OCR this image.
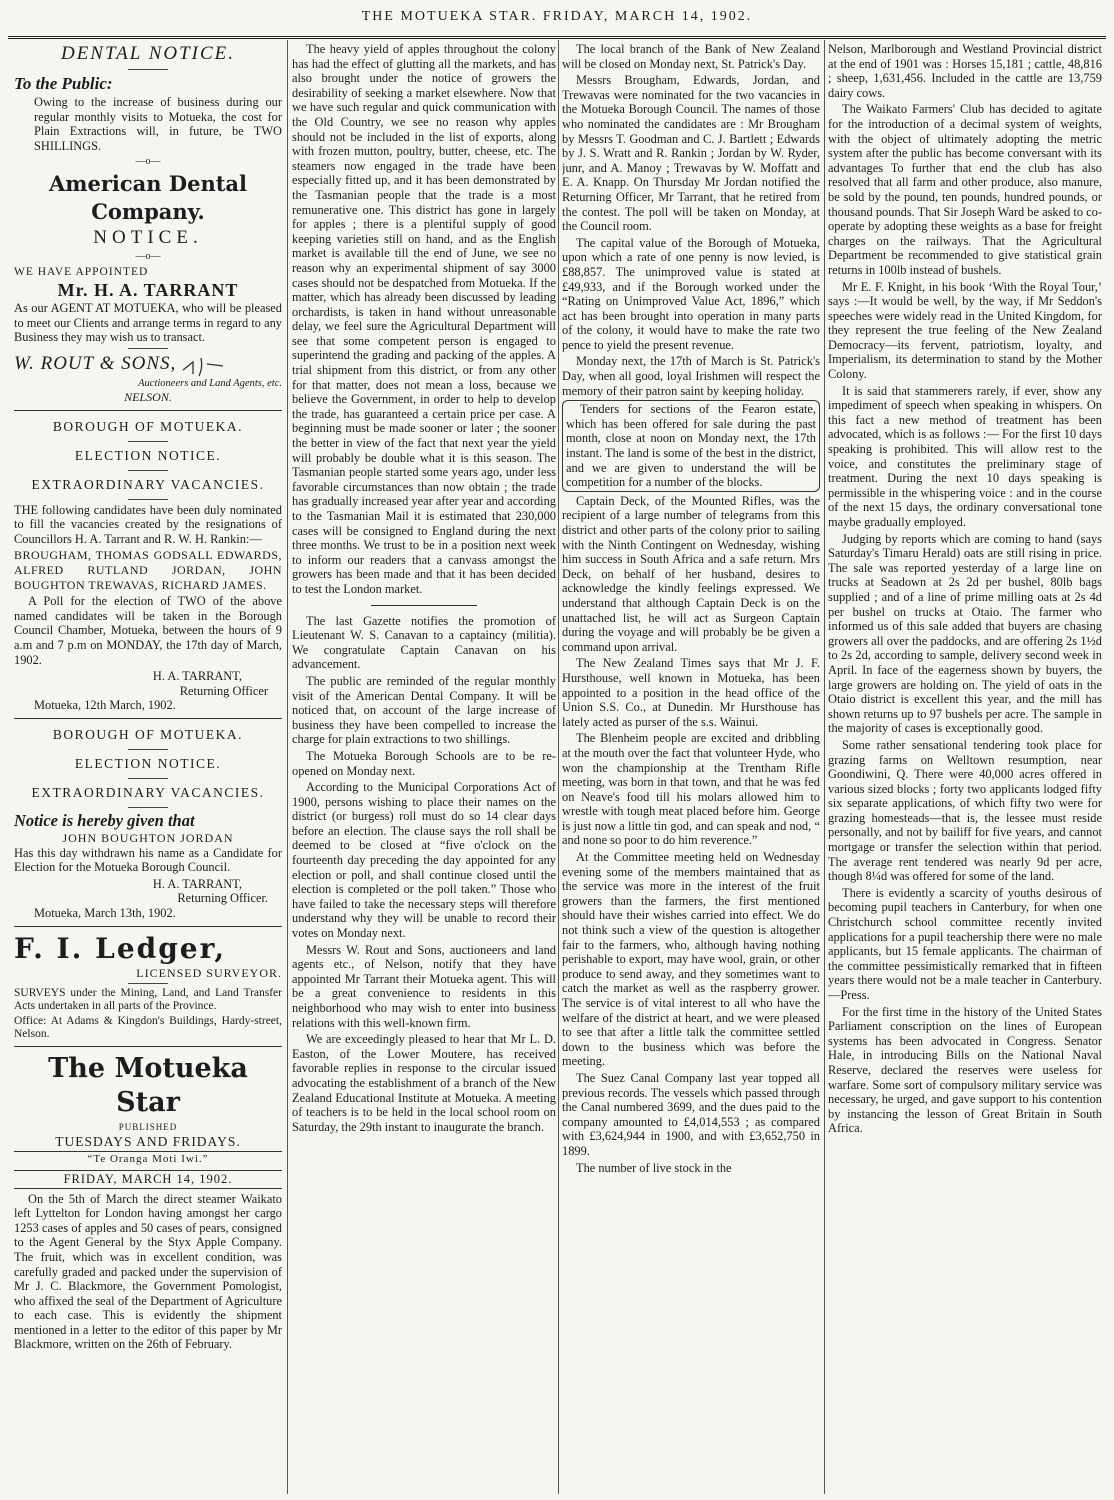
THE MOTUEKA STAR. FRIDAY, MARCH 14, 1902.
DENTAL NOTICE.
To the Public:

Owing to the increase of business during our regular monthly visits to Motueka, the cost for Plain Extractions will, in future, be TWO SHILLINGS.

—o—
American Dental Company.
NOTICE.
—o—
WE HAVE APPOINTED
Mr. H. A. TARRANT

As our AGENT AT MOTUEKA, who will be pleased to meet our Clients and arrange terms in regard to any Business they may wish us to transact.

W. ROUT & SONS,
Auctioneers and Land Agents, etc.
NELSON.
BOROUGH OF MOTUEKA.
ELECTION NOTICE.
EXTRAORDINARY VACANCIES.

THE following candidates have been duly nominated to fill the vacancies created by the resignations of Councillors H. A. Tarrant and R. W. H. Rankin:—

BROUGHAM, THOMAS GODSALL EDWARDS, ALFRED RUTLAND JORDAN, JOHN BOUGHTON TREWAVAS, RICHARD JAMES.

A Poll for the election of TWO of the above named candidates will be taken in the Borough Council Chamber, Motueka, between the hours of 9 a.m and 7 p.m on MONDAY, the 17th day of March, 1902.

H. A. TARRANT,
Returning Officer
Motueka, 12th March, 1902.
BOROUGH OF MOTUEKA.
ELECTION NOTICE.
EXTRAORDINARY VACANCIES.
Notice is hereby given that
JOHN BOUGHTON JORDAN

Has this day withdrawn his name as a Candidate for Election for the Motueka Borough Council.

H. A. TARRANT,
Returning Officer.
Motueka, March 13th, 1902.
F. I. Ledger,
LICENSED SURVEYOR.

SURVEYS under the Mining, Land, and Land Transfer Acts undertaken in all parts of the Province.

Office: At Adams & Kingdon's Buildings, Hardy-street, Nelson.

The Motueka Star
PUBLISHED
TUESDAYS AND FRIDAYS.
“Te Oranga Moti Iwi.”
FRIDAY, MARCH 14, 1902.

On the 5th of March the direct steamer Waikato left Lyttelton for London having amongst her cargo 1253 cases of apples and 50 cases of pears, consigned to the Agent General by the Styx Apple Company. The fruit, which was in excellent condition, was carefully graded and packed under the supervision of Mr J. C. Blackmore, the Government Pomologist, who affixed the seal of the Department of Agriculture to each case. This is evidently the shipment mentioned in a letter to the editor of this paper by Mr Blackmore, written on the 26th of February.

The heavy yield of apples throughout the colony has had the effect of glutting all the markets, and has also brought under the notice of growers the desirability of seeking a market elsewhere. Now that we have such regular and quick communication with the Old Country, we see no reason why apples should not be included in the list of exports, along with frozen mutton, poultry, butter, cheese, etc. The steamers now engaged in the trade have been especially fitted up, and it has been demonstrated by the Tasmanian people that the trade is a most remunerative one. This district has gone in largely for apples ; there is a plentiful supply of good keeping varieties still on hand, and as the English market is available till the end of June, we see no reason why an experimental shipment of say 3000 cases should not be despatched from Motueka. If the matter, which has already been discussed by leading orchardists, is taken in hand without unreasonable delay, we feel sure the Agricultural Department will see that some competent person is engaged to superintend the grading and packing of the apples. A trial shipment from this district, or from any other for that matter, does not mean a loss, because we believe the Government, in order to help to develop the trade, has guaranteed a certain price per case. A beginning must be made sooner or later ; the sooner the better in view of the fact that next year the yield will probably be double what it is this season. The Tasmanian people started some years ago, under less favorable circumstances than now obtain ; the trade has gradually increased year after year and according to the Tasmanian Mail it is estimated that 230,000 cases will be consigned to England during the next three months. We trust to be in a position next week to inform our readers that a canvass amongst the growers has been made and that it has been decided to test the London market.

The last Gazette notifies the promotion of Lieutenant W. S. Canavan to a captaincy (militia). We congratulate Captain Canavan on his advancement.

The public are reminded of the regular monthly visit of the American Dental Company. It will be noticed that, on account of the large increase of business they have been compelled to increase the charge for plain extractions to two shillings.

The Motueka Borough Schools are to be re-opened on Monday next.

According to the Municipal Corporations Act of 1900, persons wishing to place their names on the district (or burgess) roll must do so 14 clear days before an election. The clause says the roll shall be deemed to be closed at “five o'clock on the fourteenth day preceding the day appointed for any election or poll, and shall continue closed until the election is completed or the poll taken.” Those who have failed to take the necessary steps will therefore understand why they will be unable to record their votes on Monday next.

Messrs W. Rout and Sons, auctioneers and land agents etc., of Nelson, notify that they have appointed Mr Tarrant their Motueka agent. This will be a great convenience to residents in this neighborhood who may wish to enter into business relations with this well-known firm.

We are exceedingly pleased to hear that Mr L. D. Easton, of the Lower Moutere, has received favorable replies in response to the circular issued advocating the establishment of a branch of the New Zealand Educational Institute at Motueka. A meeting of teachers is to be held in the local school room on Saturday, the 29th instant to inaugurate the branch.

The local branch of the Bank of New Zealand will be closed on Monday next, St. Patrick's Day.

Messrs Brougham, Edwards, Jordan, and Trewavas were nominated for the two vacancies in the Motueka Borough Council. The names of those who nominated the candidates are : Mr Brougham by Messrs T. Goodman and C. J. Bartlett ; Edwards by J. S. Wratt and R. Rankin ; Jordan by W. Ryder, junr, and A. Manoy ; Trewavas by W. Moffatt and E. A. Knapp. On Thursday Mr Jordan notified the Returning Officer, Mr Tarrant, that he retired from the contest. The poll will be taken on Monday, at the Council room.

The capital value of the Borough of Motueka, upon which a rate of one penny is now levied, is £88,857. The unimproved value is stated at £49,933, and if the Borough worked under the “Rating on Unimproved Value Act, 1896,” which act has been brought into operation in many parts of the colony, it would have to make the rate two pence to yield the present revenue.

Monday next, the 17th of March is St. Patrick's Day, when all good, loyal Irishmen will respect the memory of their patron saint by keeping holiday.

Tenders for sections of the Fearon estate, which has been offered for sale during the past month, close at noon on Monday next, the 17th instant. The land is some of the best in the district, and we are given to understand the will be competition for a number of the blocks.

Captain Deck, of the Mounted Rifles, was the recipient of a large number of telegrams from this district and other parts of the colony prior to sailing with the Ninth Contingent on Wednesday, wishing him success in South Africa and a safe return. Mrs Deck, on behalf of her husband, desires to acknowledge the kindly feelings expressed. We understand that although Captain Deck is on the unattached list, he will act as Surgeon Captain during the voyage and will probably be be given a command upon arrival.

The New Zealand Times says that Mr J. F. Hursthouse, well known in Motueka, has been appointed to a position in the head office of the Union S.S. Co., at Dunedin. Mr Hursthouse has lately acted as purser of the s.s. Wainui.

The Blenheim people are excited and dribbling at the mouth over the fact that volunteer Hyde, who won the championship at the Trentham Rifle meeting, was born in that town, and that he was fed on Neave's food till his molars allowed him to wrestle with tough meat placed before him. George is just now a little tin god, and can speak and nod, “ and none so poor to do him reverence.”

At the Committee meeting held on Wednesday evening some of the members maintained that as the service was more in the interest of the fruit growers than the farmers, the first mentioned should have their wishes carried into effect. We do not think such a view of the question is altogether fair to the farmers, who, although having nothing perishable to export, may have wool, grain, or other produce to send away, and they sometimes want to catch the market as well as the raspberry grower. The service is of vital interest to all who have the welfare of the district at heart, and we were pleased to see that after a little talk the committee settled down to the business which was before the meeting.

The Suez Canal Company last year topped all previous records. The vessels which passed through the Canal numbered 3699, and the dues paid to the company amounted to £4,014,553 ; as compared with £3,624,944 in 1900, and with £3,652,750 in 1899.

The number of live stock in the

Nelson, Marlborough and Westland Provincial district at the end of 1901 was : Horses 15,181 ; cattle, 48,816 ; sheep, 1,631,456. Included in the cattle are 13,759 dairy cows.

The Waikato Farmers' Club has decided to agitate for the introduction of a decimal system of weights, with the object of ultimately adopting the metric system after the public has become conversant with its advantages To further that end the club has also resolved that all farm and other produce, also manure, be sold by the pound, ten pounds, hundred pounds, or thousand pounds. That Sir Joseph Ward be asked to co-operate by adopting these weights as a base for freight charges on the railways. That the Agricultural Department be recommended to give statistical grain returns in 100lb instead of bushels.

Mr E. F. Knight, in his book ‘With the Royal Tour,’ says :—It would be well, by the way, if Mr Seddon's speeches were widely read in the United Kingdom, for they represent the true feeling of the New Zealand Democracy—its fervent, patriotism, loyalty, and Imperialism, its determination to stand by the Mother Colony.

It is said that stammerers rarely, if ever, show any impediment of speech when speaking in whispers. On this fact a new method of treatment has been advocated, which is as follows :— For the first 10 days speaking is prohibited. This will allow rest to the voice, and constitutes the preliminary stage of treatment. During the next 10 days speaking is permissible in the whispering voice : and in the course of the next 15 days, the ordinary conversational tone maybe gradually employed.

Judging by reports which are coming to hand (says Saturday's Timaru Herald) oats are still rising in price. The sale was reported yesterday of a large line on trucks at Seadown at 2s 2d per bushel, 80lb bags supplied ; and of a line of prime milling oats at 2s 4d per bushel on trucks at Otaio. The farmer who informed us of this sale added that buyers are chasing growers all over the paddocks, and are offering 2s 1½d to 2s 2d, according to sample, delivery second week in April. In face of the eagerness shown by buyers, the large growers are holding on. The yield of oats in the Otaio district is excellent this year, and the mill has shown returns up to 97 bushels per acre. The sample in the majority of cases is exceptionally good.

Some rather sensational tendering took place for grazing farms on Welltown resumption, near Goondiwini, Q. There were 40,000 acres offered in various sized blocks ; forty two applicants lodged fifty six separate applications, of which fifty two were for grazing homesteads—that is, the lessee must reside personally, and not by bailiff for five years, and cannot mortgage or transfer the selection within that period. The average rent tendered was nearly 9d per acre, though 8¼d was offered for some of the land.

There is evidently a scarcity of youths desirous of becoming pupil teachers in Canterbury, for when one Christchurch school committee recently invited applications for a pupil teachership there were no male applicants, but 15 female applicants. The chairman of the committee pessimistically remarked that in fifteen years there would not be a male teacher in Canterbury.—Press.

For the first time in the history of the United States Parliament conscription on the lines of European systems has been advocated in Congress. Senator Hale, in introducing Bills on the National Naval Reserve, declared the reserves were useless for warfare. Some sort of compulsory military service was necessary, he urged, and gave support to his contention by instancing the lesson of Great Britain in South Africa.
